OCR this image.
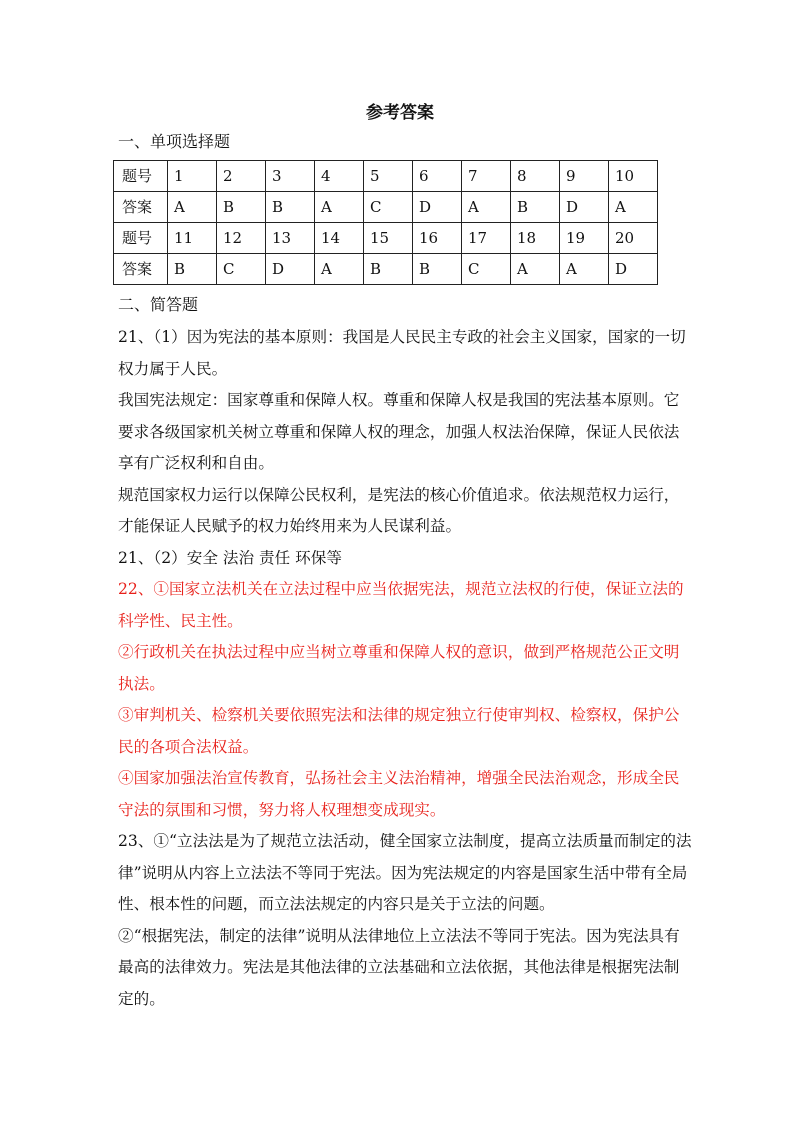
参考答案
一、单项选择题
题号	1	2	3	4	5	6	7	8	9	10
答案	A	B	B	A	C	D	A	B	D	A
题号	11	12	13	14	15	16	17	18	19	20
答案	B	C	D	A	B	B	C	A	A	D
二、简答题

21、（1）因为宪法的基本原则：我国是人民民主专政的社会主义国家，国家的一切权力属于人民。

我国宪法规定：国家尊重和保障人权。尊重和保障人权是我国的宪法基本原则。它要求各级国家机关树立尊重和保障人权的理念，加强人权法治保障，保证人民依法享有广泛权利和自由。

规范国家权力运行以保障公民权利，是宪法的核心价值追求。依法规范权力运行，才能保证人民赋予的权力始终用来为人民谋利益。

21、（2）安全 法治 责任 环保等

22、①国家立法机关在立法过程中应当依据宪法，规范立法权的行使，保证立法的科学性、民主性。

②行政机关在执法过程中应当树立尊重和保障人权的意识，做到严格规范公正文明执法。

③审判机关、检察机关要依照宪法和法律的规定独立行使审判权、检察权，保护公民的各项合法权益。

④国家加强法治宣传教育，弘扬社会主义法治精神，增强全民法治观念，形成全民守法的氛围和习惯，努力将人权理想变成现实。

23、①“立法法是为了规范立法活动，健全国家立法制度，提高立法质量而制定的法律”说明从内容上立法法不等同于宪法。因为宪法规定的内容是国家生活中带有全局性、根本性的问题，而立法法规定的内容只是关于立法的问题。

②“根据宪法，制定的法律”说明从法律地位上立法法不等同于宪法。因为宪法具有最高的法律效力。宪法是其他法律的立法基础和立法依据，其他法律是根据宪法制定的。
